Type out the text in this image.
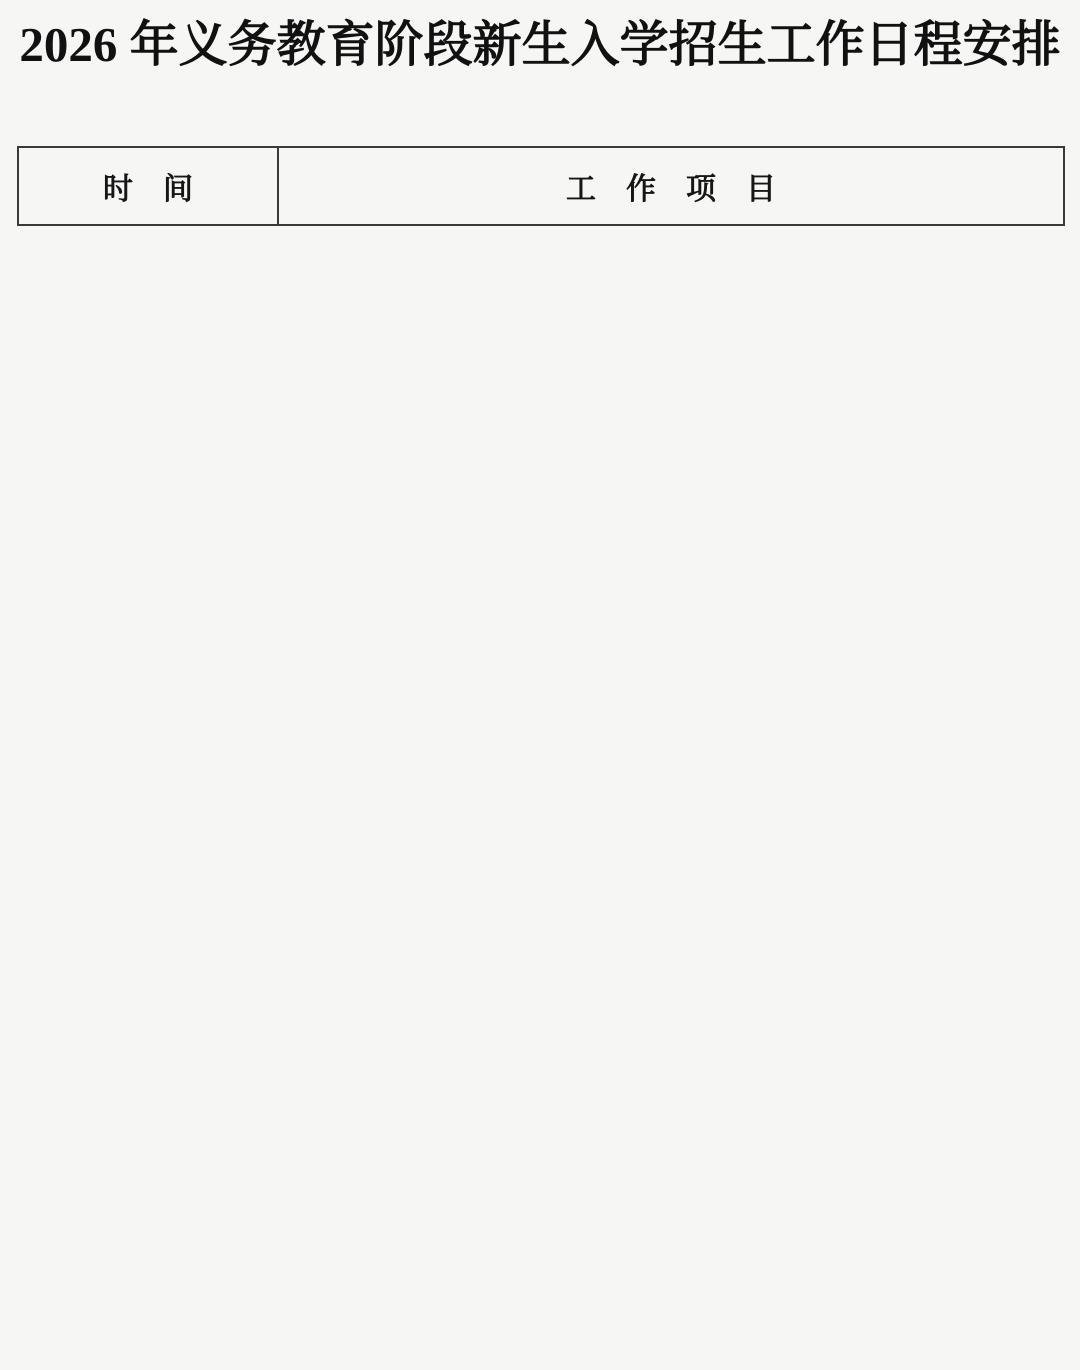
2026 年义务教育阶段新生入学招生工作日程安排
时　间	工　作　项　目
